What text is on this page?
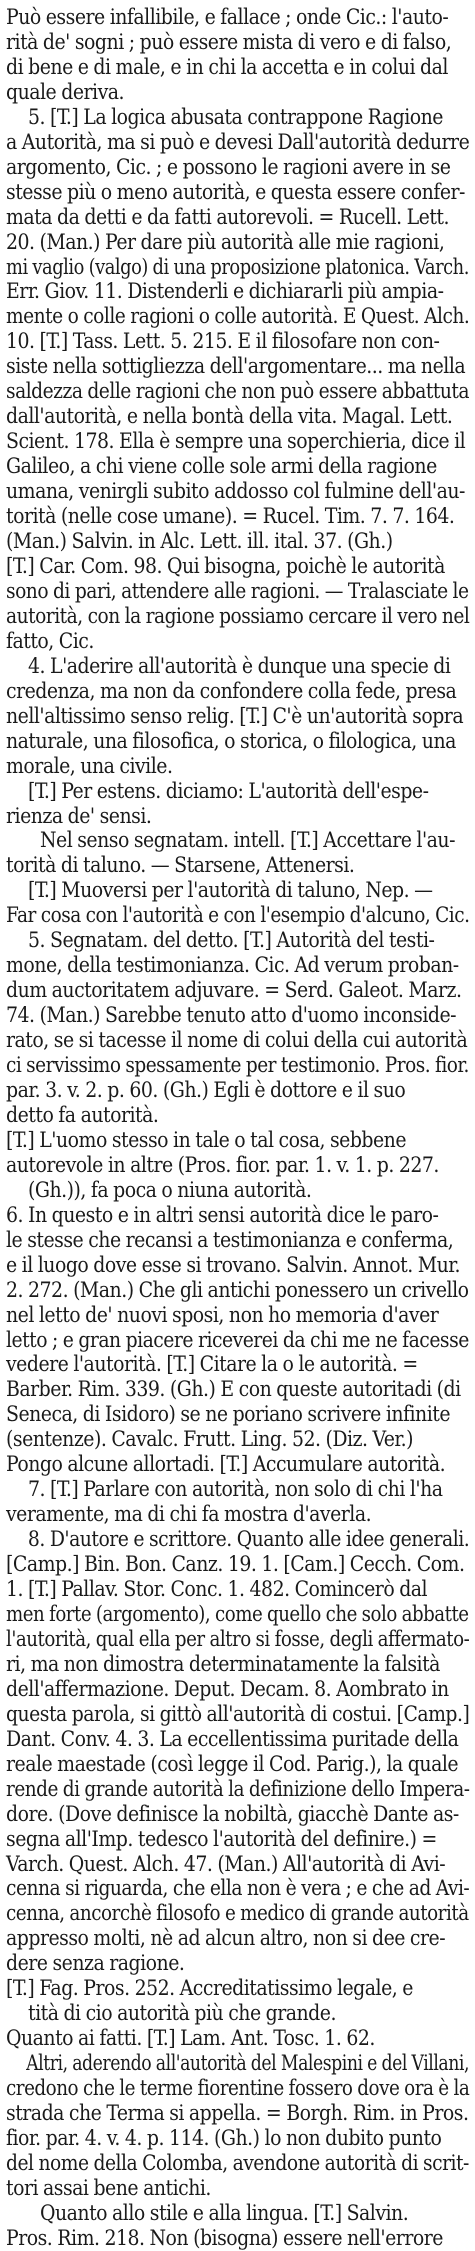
Può essere infallibile, e fallace ; onde Cic.: l'auto-
rità de' sogni ; può essere mista di vero e di falso,
di bene e di male, e in chi la accetta e in colui dal
quale deriva.
5. [T.] La logica abusata contrappone Ragione
a Autorità, ma si può e devesi Dall'autorità dedurre
argomento, Cic. ; e possono le ragioni avere in se
stesse più o meno autorità, e questa essere confer-
mata da detti e da fatti autorevoli. = Rucell. Lett.
20. (Man.) Per dare più autorità alle mie ragioni,
mi vaglio (valgo) di una proposizione platonica. Varch.
Err. Giov. 11. Distenderli e dichiararli più ampia-
mente o colle ragioni o colle autorità. E Quest. Alch.
10. [T.] Tass. Lett. 5. 215. E il filosofare non con-
siste nella sottigliezza dell'argomentare... ma nella
saldezza delle ragioni che non può essere abbattuta
dall'autorità, e nella bontà della vita. Magal. Lett.
Scient. 178. Ella è sempre una soperchieria, dice il
Galileo, a chi viene colle sole armi della ragione
umana, venirgli subito addosso col fulmine dell'au-
torità (nelle cose umane). = Rucel. Tim. 7. 7. 164.
(Man.) Salvin. in Alc. Lett. ill. ital. 37. (Gh.)
[T.] Car. Com. 98. Qui bisogna, poichè le autorità
sono di pari, attendere alle ragioni. — Tralasciate le
autorità, con la ragione possiamo cercare il vero nel
fatto, Cic.
4. L'aderire all'autorità è dunque una specie di
credenza, ma non da confondere colla fede, presa
nell'altissimo senso relig. [T.] C'è un'autorità sopra
naturale, una filosofica, o storica, o filologica, una
morale, una civile.
[T.] Per estens. diciamo: L'autorità dell'espe-
rienza de' sensi.
Nel senso segnatam. intell. [T.] Accettare l'au-
torità di taluno. — Starsene, Attenersi.
[T.] Muoversi per l'autorità di taluno, Nep. —
Far cosa con l'autorità e con l'esempio d'alcuno, Cic.
5. Segnatam. del detto. [T.] Autorità del testi-
mone, della testimonianza. Cic. Ad verum proban-
dum auctoritatem adjuvare. = Serd. Galeot. Marz.
74. (Man.) Sarebbe tenuto atto d'uomo inconside-
rato, se si tacesse il nome di colui della cui autorità
ci servissimo spessamente per testimonio. Pros. fior.
par. 3. v. 2. p. 60. (Gh.) Egli è dottore e il suo
detto fa autorità.
[T.] L'uomo stesso in tale o tal cosa, sebbene
autorevole in altre (Pros. fior. par. 1. v. 1. p. 227.
(Gh.)), fa poca o niuna autorità.
6. In questo e in altri sensi autorità dice le paro-
le stesse che recansi a testimonianza e conferma,
e il luogo dove esse si trovano. Salvin. Annot. Mur.
2. 272. (Man.) Che gli antichi ponessero un crivello
nel letto de' nuovi sposi, non ho memoria d'aver
letto ; e gran piacere riceverei da chi me ne facesse
vedere l'autorità. [T.] Citare la o le autorità. =
Barber. Rim. 339. (Gh.) E con queste autoritadi (di
Seneca, di Isidoro) se ne poriano scrivere infinite
(sentenze). Cavalc. Frutt. Ling. 52. (Diz. Ver.)
Pongo alcune allortadi. [T.] Accumulare autorità.
7. [T.] Parlare con autorità, non solo di chi l'ha
veramente, ma di chi fa mostra d'averla.
8. D'autore e scrittore. Quanto alle idee generali.
[Camp.] Bin. Bon. Canz. 19. 1. [Cam.] Cecch. Com.
1. [T.] Pallav. Stor. Conc. 1. 482. Comincerò dal
men forte (argomento), come quello che solo abbatte
l'autorità, qual ella per altro si fosse, degli affermato-
ri, ma non dimostra determinatamente la falsità
dell'affermazione. Deput. Decam. 8. Aombrato in
questa parola, si gittò all'autorità di costui. [Camp.]
Dant. Conv. 4. 3. La eccellentissima puritade della
reale maestade (così legge il Cod. Parig.), la quale
rende di grande autorità la definizione dello Impera-
dore. (Dove definisce la nobiltà, giacchè Dante as-
segna all'Imp. tedesco l'autorità del definire.) =
Varch. Quest. Alch. 47. (Man.) All'autorità di Avi-
cenna si riguarda, che ella non è vera ; e che ad Avi-
cenna, ancorchè filosofo e medico di grande autorità
appresso molti, nè ad alcun altro, non si dee cre-
dere senza ragione.
[T.] Fag. Pros. 252. Accreditatissimo legale, e
tità di cio autorità più che grande.
Quanto ai fatti. [T.] Lam. Ant. Tosc. 1. 62.
Altri, aderendo all'autorità del Malespini e del Villani,
credono che le terme fiorentine fossero dove ora è la
strada che Terma si appella. = Borgh. Rim. in Pros.
fior. par. 4. v. 4. p. 114. (Gh.) lo non dubito punto
del nome della Colomba, avendone autorità di scrit-
tori assai bene antichi.
Quanto allo stile e alla lingua. [T.] Salvin.
Pros. Rim. 218. Non (bisogna) essere nell'errore
